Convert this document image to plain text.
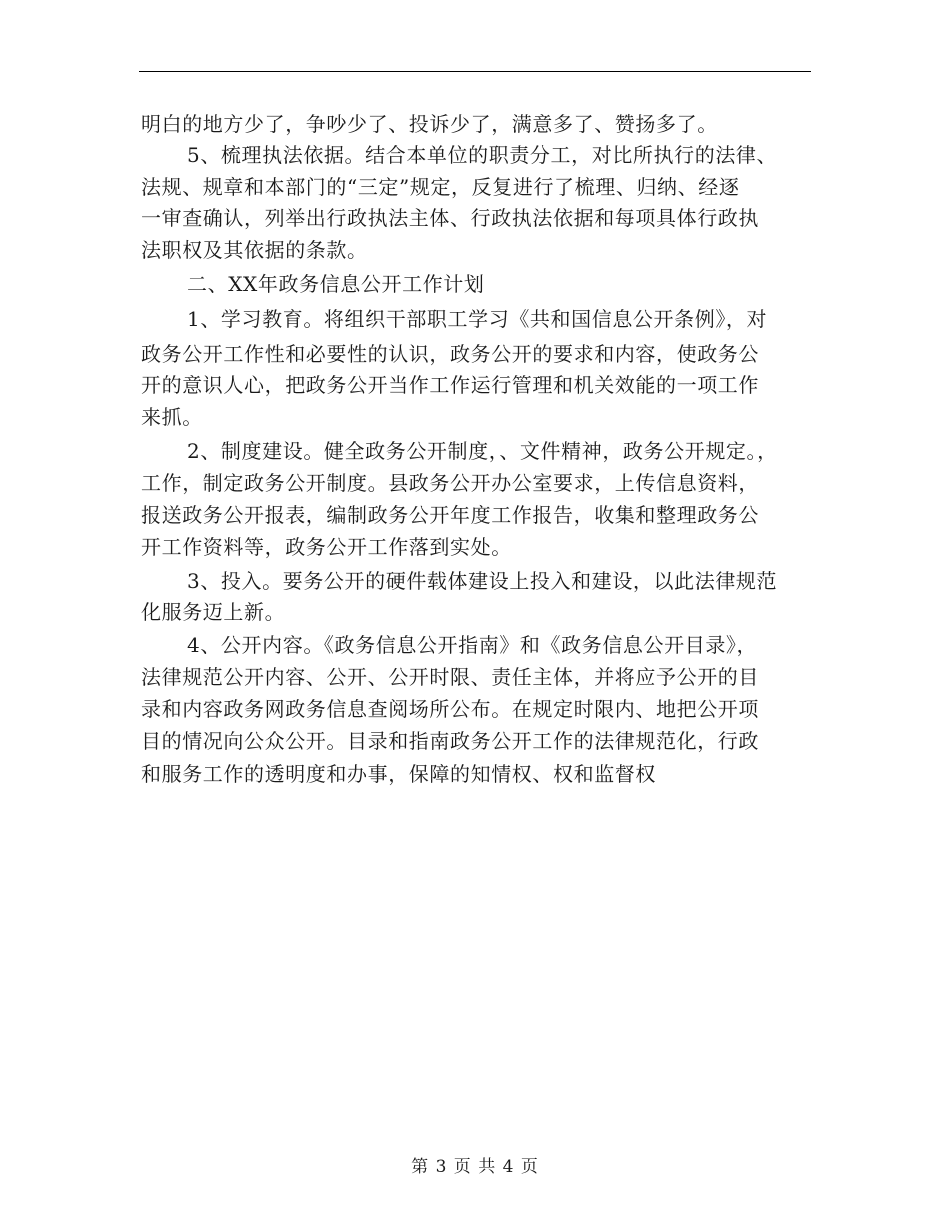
明白的地方少了，争吵少了、投诉少了，满意多了、赞扬多了。
5、梳理执法依据。结合本单位的职责分工，对比所执行的法律、
法规、规章和本部门的“三定”规定，反复进行了梳理、归纳、经逐
一审查确认，列举出行政执法主体、行政执法依据和每项具体行政执
法职权及其依据的条款。
二、XX年政务信息公开工作计划
1、学习教育。将组织干部职工学习《共和国信息公开条例》，对
政务公开工作性和必要性的认识，政务公开的要求和内容，使政务公
开的意识人心，把政务公开当作工作运行管理和机关效能的一项工作
来抓。
2、制度建设。健全政务公开制度，、文件精神，政务公开规定。，
工作，制定政务公开制度。县政务公开办公室要求，上传信息资料，
报送政务公开报表，编制政务公开年度工作报告，收集和整理政务公
开工作资料等，政务公开工作落到实处。
3、投入。要务公开的硬件载体建设上投入和建设，以此法律规范
化服务迈上新。
4、公开内容。《政务信息公开指南》和《政务信息公开目录》，
法律规范公开内容、公开、公开时限、责任主体，并将应予公开的目
录和内容政务网政务信息查阅场所公布。在规定时限内、地把公开项
目的情况向公众公开。目录和指南政务公开工作的法律规范化，行政
和服务工作的透明度和办事，保障的知情权、权和监督权
第 3 页 共 4 页
